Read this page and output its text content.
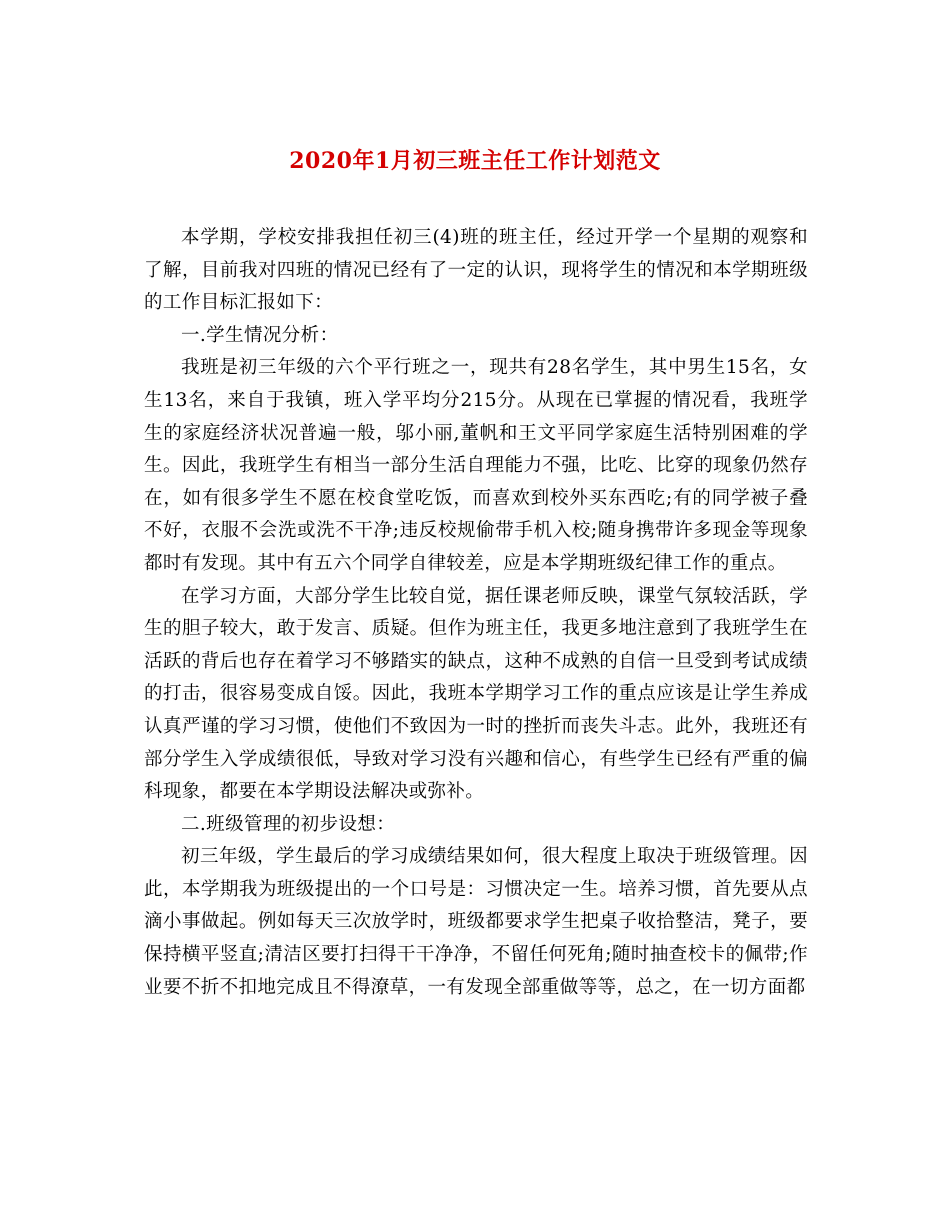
2020年1月初三班主任工作计划范文

本学期，学校安排我担任初三(4)班的班主任，经过开学一个星期的观察和了解，目前我对四班的情况已经有了一定的认识，现将学生的情况和本学期班级的工作目标汇报如下：

一.学生情况分析：

我班是初三年级的六个平行班之一，现共有28名学生，其中男生15名，女生13名，来自于我镇，班入学平均分215分。从现在已掌握的情况看，我班学生的家庭经济状况普遍一般，邬小丽,董帆和王文平同学家庭生活特别困难的学生。因此，我班学生有相当一部分生活自理能力不强，比吃、比穿的现象仍然存在，如有很多学生不愿在校食堂吃饭，而喜欢到校外买东西吃;有的同学被子叠不好，衣服不会洗或洗不干净;违反校规偷带手机入校;随身携带许多现金等现象都时有发现。其中有五六个同学自律较差，应是本学期班级纪律工作的重点。

在学习方面，大部分学生比较自觉，据任课老师反映，课堂气氛较活跃，学生的胆子较大，敢于发言、质疑。但作为班主任，我更多地注意到了我班学生在活跃的背后也存在着学习不够踏实的缺点，这种不成熟的自信一旦受到考试成绩的打击，很容易变成自馁。因此，我班本学期学习工作的重点应该是让学生养成认真严谨的学习习惯，使他们不致因为一时的挫折而丧失斗志。此外，我班还有部分学生入学成绩很低，导致对学习没有兴趣和信心，有些学生已经有严重的偏科现象，都要在本学期设法解决或弥补。

二.班级管理的初步设想：

初三年级，学生最后的学习成绩结果如何，很大程度上取决于班级管理。因此，本学期我为班级提出的一个口号是：习惯决定一生。培养习惯，首先要从点滴小事做起。例如每天三次放学时，班级都要求学生把桌子收拾整洁，凳子，要保持横平竖直;清洁区要打扫得干干净净，不留任何死角;随时抽查校卡的佩带;作业要不折不扣地完成且不得潦草，一有发现全部重做等等，总之，在一切方面都
